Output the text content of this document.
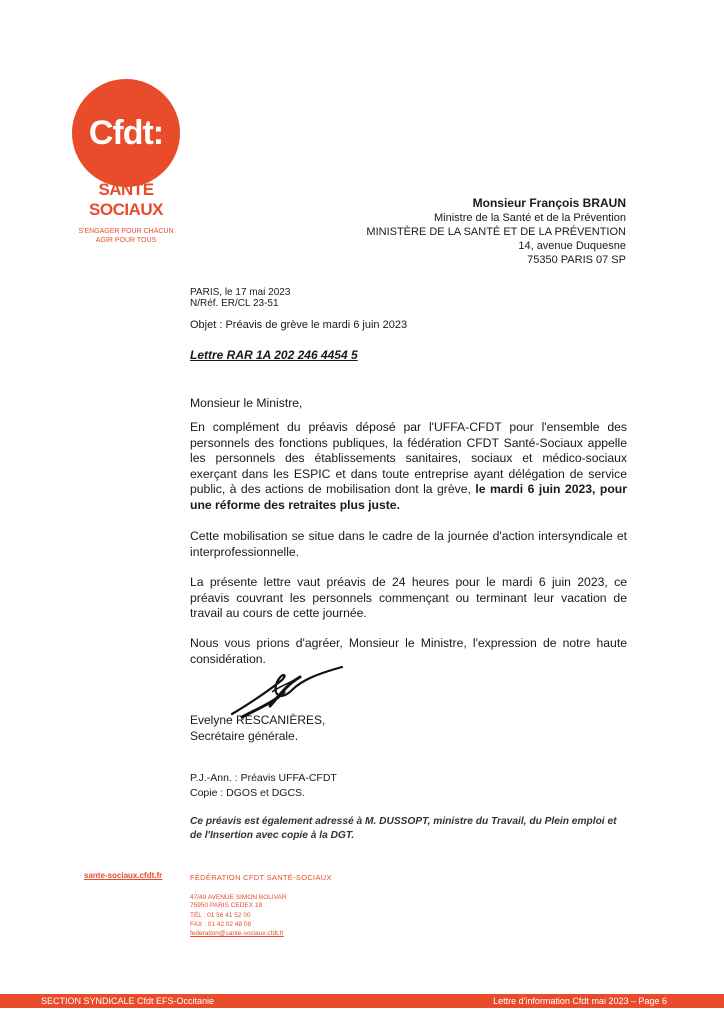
Cfdt:
SANTÉ
SOCIAUX
S'ENGAGER POUR CHACUN
AGIR POUR TOUS
Monsieur François BRAUN
Ministre de la Santé et de la Prévention
MINISTÈRE DE LA SANTÉ ET DE LA PRÉVENTION
14, avenue Duquesne
75350 PARIS 07 SP
PARIS, le 17 mai 2023
N/Réf. ER/CL 23-51
Objet : Préavis de grève le mardi 6 juin 2023
Lettre RAR 1A 202 246 4454 5
Monsieur le Ministre,
En complément du préavis déposé par l'UFFA-CFDT pour l'ensemble des personnels des fonctions publiques, la fédération CFDT Santé-Sociaux appelle les personnels des établissements sanitaires, sociaux et médico-sociaux exerçant dans les ESPIC et dans toute entreprise ayant délégation de service public, à des actions de mobilisation dont la grève, le mardi 6 juin 2023, pour une réforme des retraites plus juste.
Cette mobilisation se situe dans le cadre de la journée d'action intersyndicale et interprofessionnelle.
La présente lettre vaut préavis de 24 heures pour le mardi 6 juin 2023, ce préavis couvrant les personnels commençant ou terminant leur vacation de travail au cours de cette journée.
Nous vous prions d'agréer, Monsieur le Ministre, l'expression de notre haute considération.
Evelyne RESCANIÈRES,
Secrétaire générale.
P.J.-Ann. : Préavis UFFA-CFDT
Copie : DGOS et DGCS.
Ce préavis est également adressé à M. DUSSOPT, ministre du Travail, du Plein emploi et de l'Insertion avec copie à la DGT.
sante-sociaux.cfdt.fr	FÉDÉRATION CFDT SANTÉ-SOCIAUX
47/49 AVENUE SIMON BOLIVAR
75950 PARIS CEDEX 19
TÉL : 01 56 41 52 00
FAX : 01 42 02 48 08
federation@sante-sociaux.cfdt.fr
SECTION SYNDICALE Cfdt EFS-Occitanie	Lettre d'information Cfdt mai 2023 – Page 6
